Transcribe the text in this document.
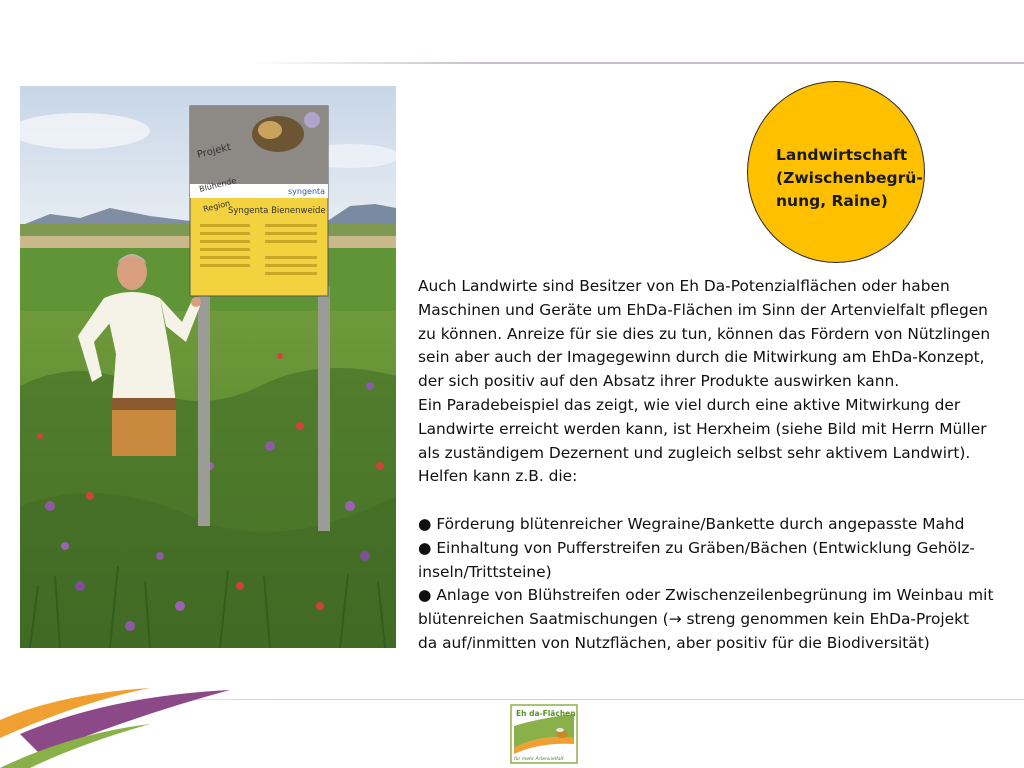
Projekt
Blühende
Region
syngenta
Syngenta Bienenweide
Landwirtschaft
(Zwischenbegrü-
nung, Raine)

Auch Landwirte sind Besitzer von Eh Da-Potenzialflächen oder haben
Maschinen und Geräte um EhDa-Flächen im Sinn der Artenvielfalt pflegen
zu können. Anreize für sie dies zu tun, können das Fördern von Nützlingen
sein aber auch der Imagegewinn durch die Mitwirkung am EhDa-Konzept,
der sich positiv auf den Absatz ihrer Produkte auswirken kann.

Ein Paradebeispiel das zeigt, wie viel durch eine aktive Mitwirkung der
Landwirte erreicht werden kann, ist Herxheim (siehe Bild mit Herrn Müller
als zuständigem Dezernent und zugleich selbst sehr aktivem Landwirt).

Helfen kann z.B. die:

● Förderung blütenreicher Wegraine/Bankette durch angepasste Mahd

● Einhaltung von Pufferstreifen zu Gräben/Bächen (Entwicklung Gehölz-
inseln/Trittsteine)

● Anlage von Blühstreifen oder Zwischenzeilenbegrünung im Weinbau mit
blütenreichen Saatmischungen (→ streng genommen kein EhDa-Projekt
da auf/inmitten von Nutzflächen, aber positiv für die Biodiversität)

Eh da-Flächen
für mehr Artenvielfalt
